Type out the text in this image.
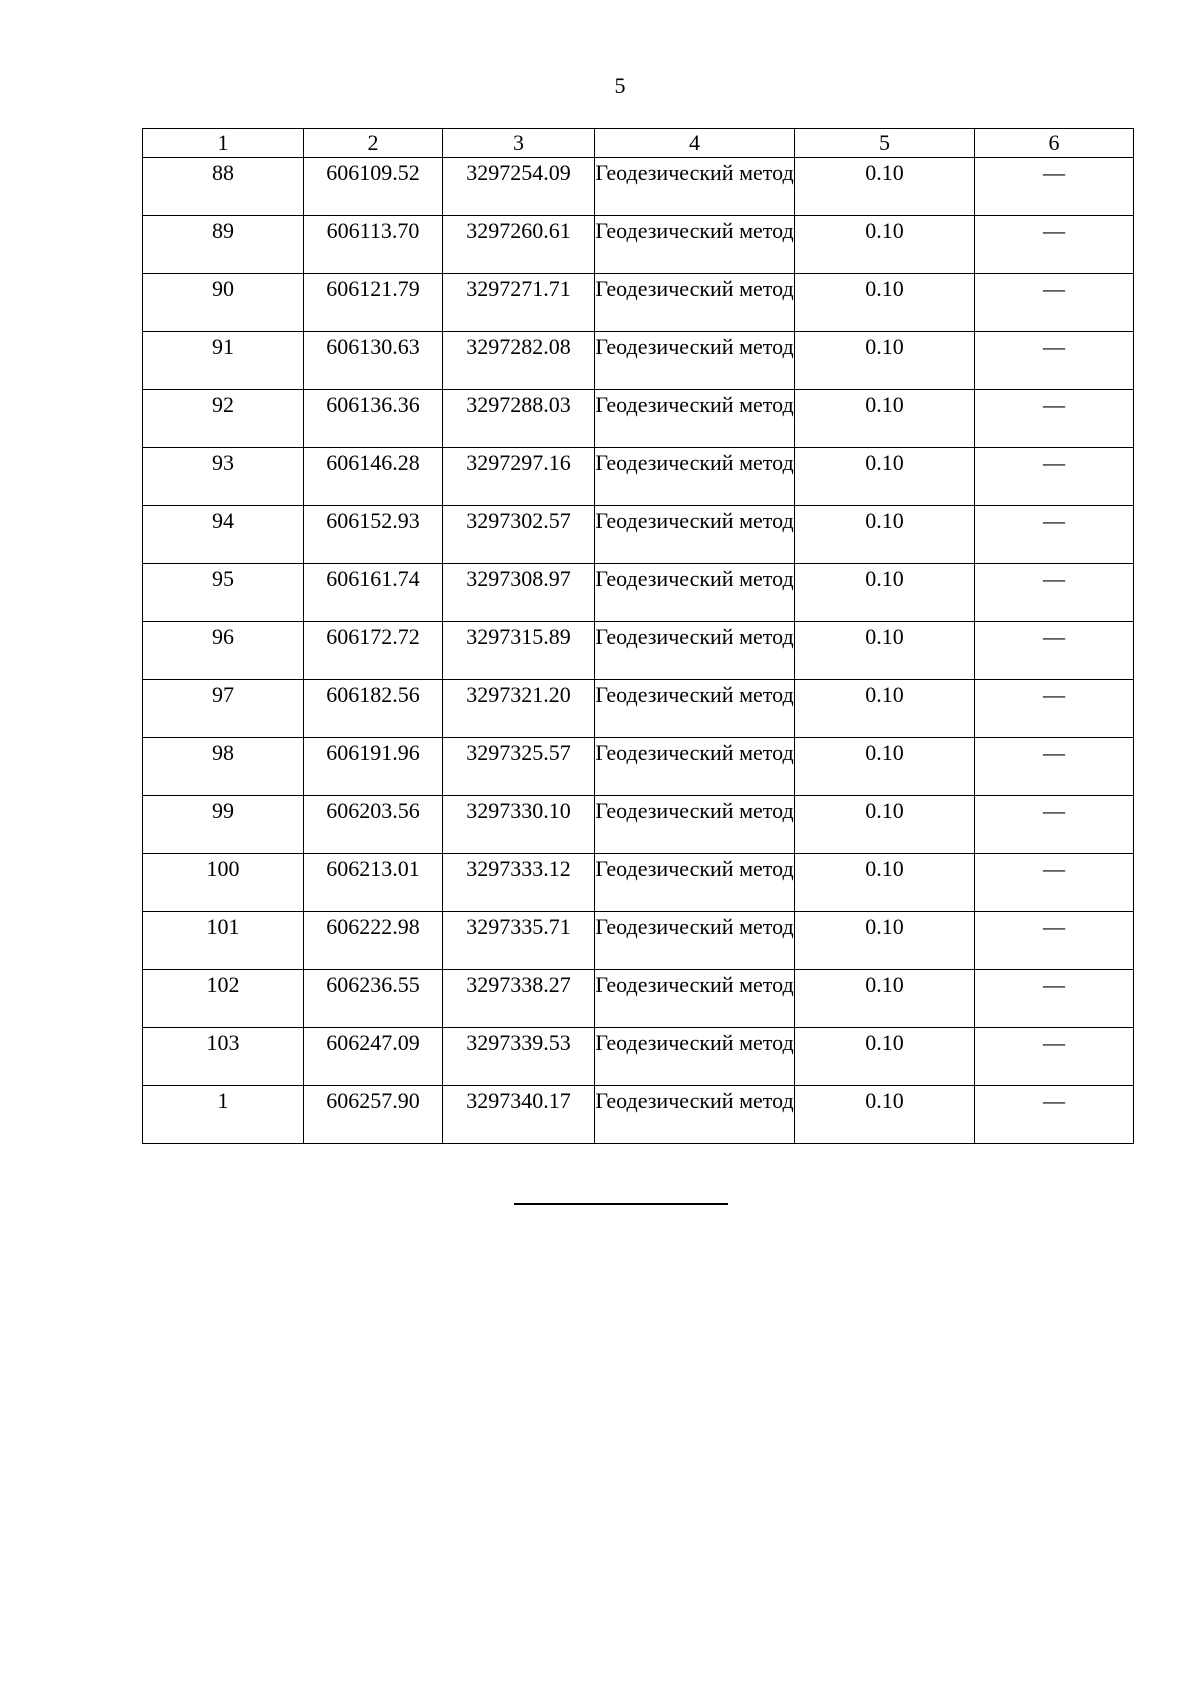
5
1	2	3	4	5	6
88	606109.52	3297254.09	Геодезический метод	0.10	—
89	606113.70	3297260.61	Геодезический метод	0.10	—
90	606121.79	3297271.71	Геодезический метод	0.10	—
91	606130.63	3297282.08	Геодезический метод	0.10	—
92	606136.36	3297288.03	Геодезический метод	0.10	—
93	606146.28	3297297.16	Геодезический метод	0.10	—
94	606152.93	3297302.57	Геодезический метод	0.10	—
95	606161.74	3297308.97	Геодезический метод	0.10	—
96	606172.72	3297315.89	Геодезический метод	0.10	—
97	606182.56	3297321.20	Геодезический метод	0.10	—
98	606191.96	3297325.57	Геодезический метод	0.10	—
99	606203.56	3297330.10	Геодезический метод	0.10	—
100	606213.01	3297333.12	Геодезический метод	0.10	—
101	606222.98	3297335.71	Геодезический метод	0.10	—
102	606236.55	3297338.27	Геодезический метод	0.10	—
103	606247.09	3297339.53	Геодезический метод	0.10	—
1	606257.90	3297340.17	Геодезический метод	0.10	—
